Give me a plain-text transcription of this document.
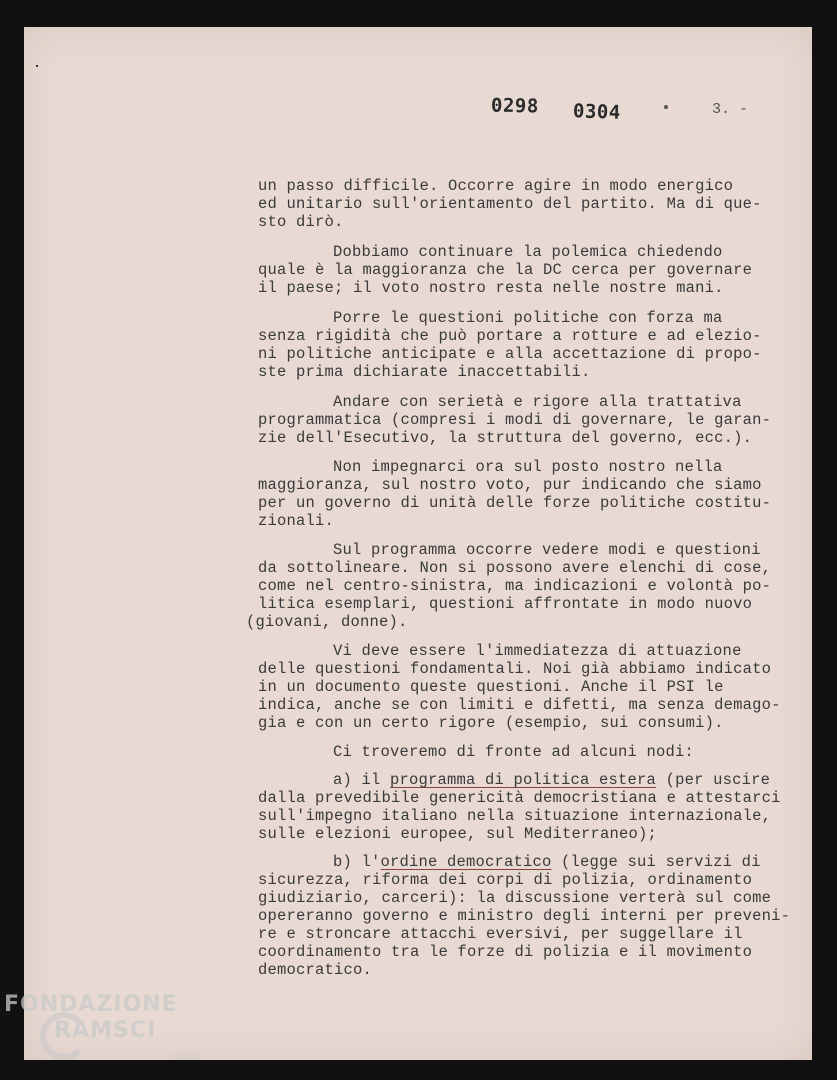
0298 0304	3. -
un passo difficile. Occorre agire in modo energico
ed unitario sull'orientamento del partito. Ma di que-
sto dirò.
Dobbiamo continuare la polemica chiedendo
quale è la maggioranza che la DC cerca per governare
il paese; il voto nostro resta nelle nostre mani.
Porre le questioni politiche con forza ma
senza rigidità che può portare a rotture e ad elezio-
ni politiche anticipate e alla accettazione di propo-
ste prima dichiarate inaccettabili.
Andare con serietà e rigore alla trattativa
programmatica (compresi i modi di governare, le garan-
zie dell'Esecutivo, la struttura del governo, ecc.).
Non impegnarci ora sul posto nostro nella
maggioranza, sul nostro voto, pur indicando che siamo
per un governo di unità delle forze politiche costitu-
zionali.
Sul programma occorre vedere modi e questioni
da sottolineare. Non si possono avere elenchi di cose,
come nel centro-sinistra, ma indicazioni e volontà po-
litica esemplari, questioni affrontate in modo nuovo
(giovani, donne).
Vi deve essere l'immediatezza di attuazione
delle questioni fondamentali. Noi già abbiamo indicato
in un documento queste questioni. Anche il PSI le
indica, anche se con limiti e difetti, ma senza demago-
gia e con un certo rigore (esempio, sui consumi).
Ci troveremo di fronte ad alcuni nodi:
a) il programma di politica estera (per uscire
dalla prevedibile genericità democristiana e attestarci
sull'impegno italiano nella situazione internazionale,
sulle elezioni europee, sul Mediterraneo);
b) l'ordine democratico (legge sui servizi di
sicurezza, riforma dei corpi di polizia, ordinamento
giudiziario, carceri): la discussione verterà sul come
opereranno governo e ministro degli interni per preveni-
re e stroncare attacchi eversivi, per suggellare il
coordinamento tra le forze di polizia e il movimento
democratico.
FONDAZIONE
RAMSCI
onlus
